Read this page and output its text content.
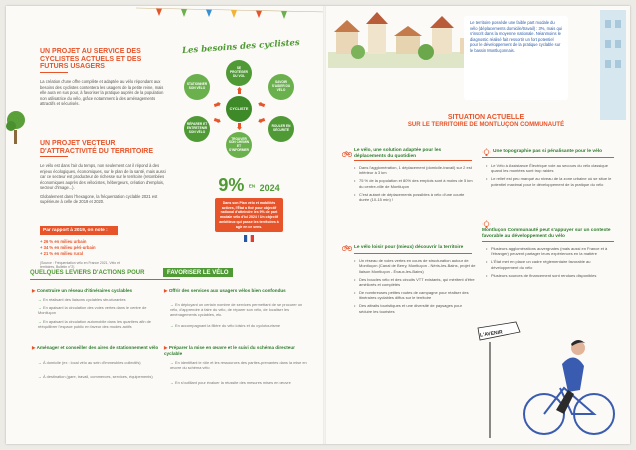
UN PROJET AU SERVICE DES CYCLISTES ACTUELS ET DES FUTURS USAGERS
La création d'une offre complète et adaptée au vélo répondant aux besoins des cyclistes contentera les usagers de la petite reine, mais elle aura en sus pour, à favoriser la pratique auprès de la population non utilisatrice du vélo, grâce notamment à des aménagements attractifs et sécurisés.
UN PROJET VECTEUR D'ATTRACTIVITÉ DU TERRITOIRE
Le vélo est dans l'air du temps, non seulement car il répond à des enjeux écologiques, économiques, sur le plan de la santé, mais aussi car ce secteur est producteur de richesse sur le territoire (retombées économiques auprès des vélocistes, hébergeurs, création d'emplois, secteur d'image...).
Globalement dans l'hexagone, la fréquentation cyclable 2021 est supérieure à celle de 2019 et 2020.
Par rapport à 2019, on note :
+ 26 % en milieu urbain
+ 34 % en milieu péri-urbain
+ 21 % en milieu rural
(Source : Fréquentation vélo en France 2021, Vélo et territoires, Bulletin n°2)
Les besoins des cyclistes
STATIONNER SON VÉLO
SE PROTÉGER DU VOL
SAVOIR S'AIDER DU VÉLO
ROULER EN SÉCURITÉ
TROUVER SON CHEMIN ET S'INFORMER
RÉPARER ET ENTRETENIR SON VÉLO
CYCLISTE
9% EN 2024
Dans son Plan vélo et mobilités actives, l'État a fixé pour objectif national d'atteindre les 9% de part modale vélo d'ici 2024 ! Un objectif ambitieux qui passe les territoires à agir en ce sens.
QUELQUES LEVIERS D'ACTIONS POUR	FAVORISER LE VÉLO
▶ Construire un réseau d'itinéraires cyclables
→ En réalisant des liaisons cyclables structurantes
→ En apaisant la circulation des voies vertes dans le centre de Montluçon
→ En apaisant la circulation automobile dans les quartiers afin de rééquilibrer l'espace public en faveur des modes actifs
▶ Aménager et conseiller des aires de stationnement vélo
→ À domicile (ex : local vélo au sein d'immeubles collectifs)
→ À destination (gare, travail, commerces, services, équipements)
▶ Offrir des services aux usagers vélos bien confondus
→ En déployant un certain nombre de services permettant de se procurer un vélo, d'apprendre à faire du vélo, de réparer son vélo, de localiser les aménagements cyclables, etc.
→ En accompagnant la filière du vélo loisirs et du cyclotourisme
▶ Préparer la mise en œuvre et le suivi du schéma directeur cyclable
→ En identifiant le rôle et les ressources des parties-prenantes dans la mise en œuvre du schéma vélo
→ En s'outillant pour évaluer la réussite des mesures mises en œuvre
Le territoire possède une faible part modale du vélo (déplacements domicile/travail) : 3%, mais qui s'inscrit dans la moyenne nationale. Néanmoins le diagnostic réalisé fait ressortir un fort potentiel pour le développement de la pratique cyclable sur le bassin Montluçonnais.
SITUATION ACTUELLE
SUR LE TERRITOIRE DE MONTLUÇON COMMUNAUTÉ
Le vélo, une solution adaptée pour les déplacements du quotidien
• Dans l'agglomération, 1 déplacement (domicile-travail) sur 2 est inférieur à 3 km
• 75 % de la population et 80% des emplois sont à moins de 5 km du centre-ville de Montluçon
• C'est autant de déplacements possibles à vélo d'une courte durée (10-15 min) !
Le vélo loisir pour (mieux) découvrir la territoire
• Un réseau de voies vertes en cours de structuration autour de Montluçon (Canal de Berry, Montluçon - Néris-les-Bains, projet de liaison Montluçon - Évaux-les-Bains)
• Des boucles vélo et des circuits VTT existants, qui méritent d'être améliorés et complétés
• De nombreuses petites routes de campagne pour réaliser des itinéraires cyclables diffus sur le territoire
• Des attraits touristiques et une diversité de paysages pour séduire les touristes
Une topographie pas si pénalisante pour le vélo
• Le Vélo à Assistance Électrique vole au secours du vélo classique quand les montées sont trop raides
• Le relief est peu marqué au niveau de la zone urbaine où se situe le potentiel maximal pour le développement de la pratique du vélo
Montluçon Communauté peut s'appuyer sur un contexte favorable au développement du vélo
• Plusieurs agglomérations auvergnates (mais aussi en France et à l'étranger) peuvent partager leurs expériences en la matière
• L'État met en place un cadre réglementaire favorable au développement du vélo
• Plusieurs sources de financement sont rendues disponibles
L'AVENIR
